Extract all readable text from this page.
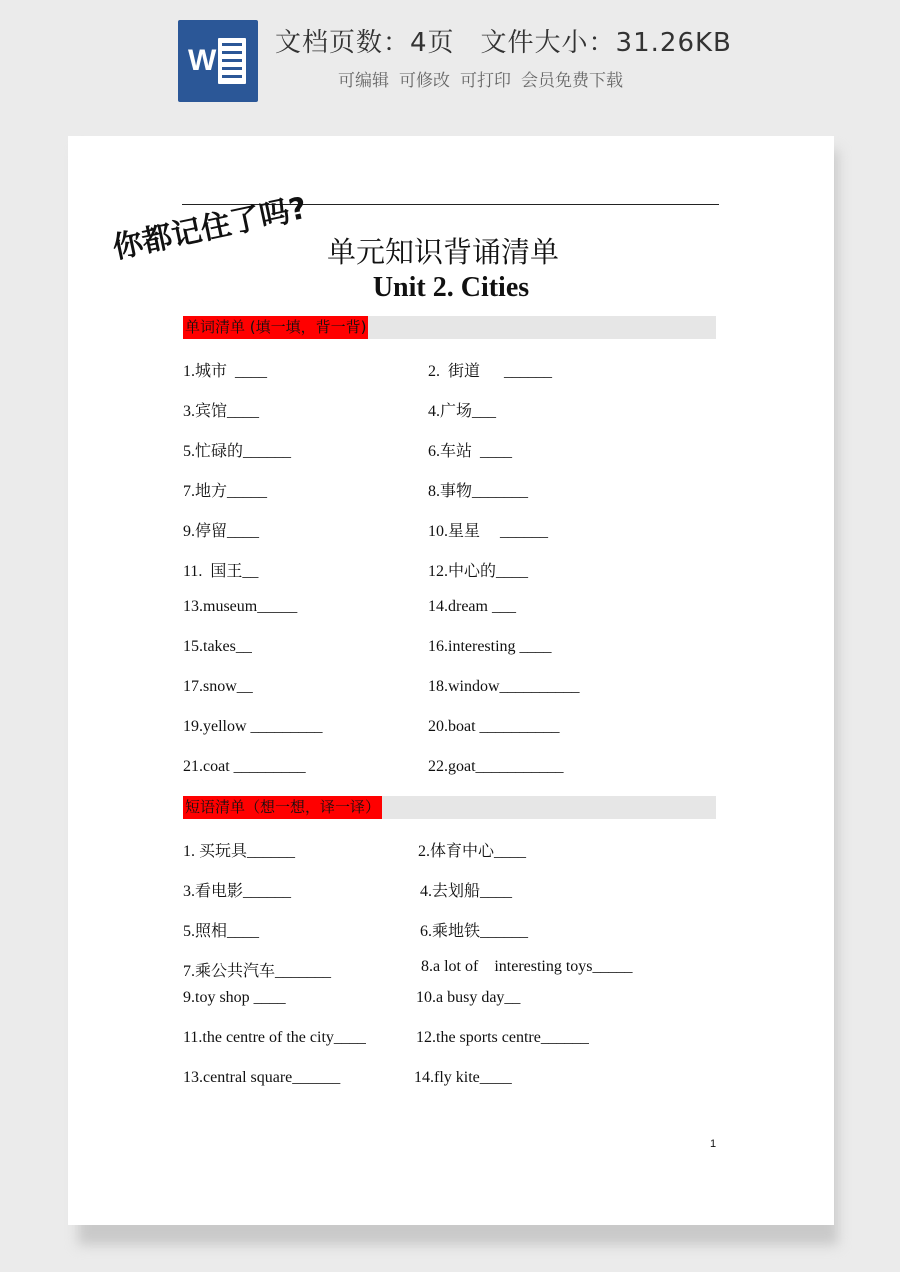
W
文档页数：4页 文件大小：31.26KB
可编辑 可修改 可打印 会员免费下载
你都记住了吗? 单元知识背诵清单
Unit 2. Cities
单词清单 (填一填，背一背)
短语清单（想一想，译一译）
1
1.城市  ____	2.  街道      ______
3.宾馆____	4.广场___
5.忙碌的______	6.车站  ____
7.地方_____	8.事物_______
9.停留____	10.星星     ______
11.  国王__	12.中心的____
13.museum_____	14.dream ___
15.takes__	16.interesting ____
17.snow__	18.window__________
19.yellow _________	20.boat __________
21.coat _________	22.goat___________
1. 买玩具______	2.体育中心____
3.看电影______	4.去划船____
5.照相____	6.乘地铁______
7.乘公共汽车_______	8.a lot of    interesting toys_____
9.toy shop ____	10.a busy day__
11.the centre of the city____	12.the sports centre______
13.central square______	14.fly kite____
